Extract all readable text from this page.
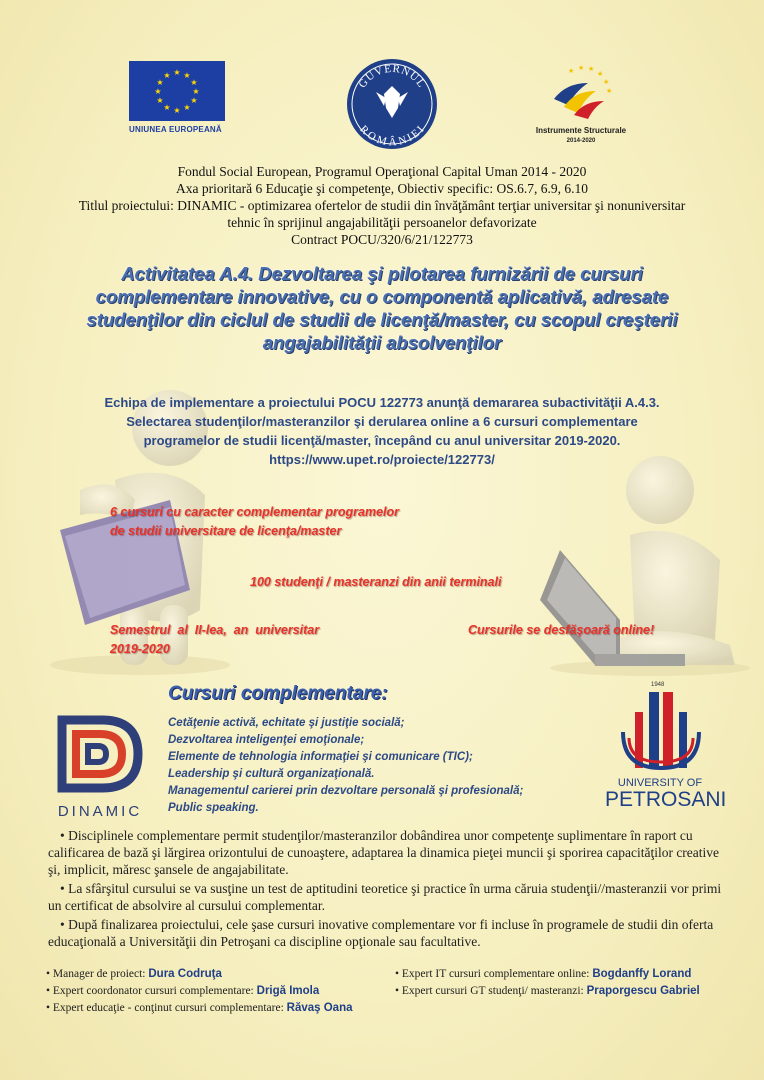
★ ★
★
★
★
★
★
★
★
★
★
★
UNIUNEA EUROPEANĂ
GUVERNUL
ROMÂNIEI
★ ★ ★
★
★
★
Instrumente Structurale
2014-2020
Fondul Social European, Programul Operaţional Capital Uman 2014 - 2020
Axa prioritară 6 Educaţie şi competenţe, Obiectiv specific: OS.6.7, 6.9, 6.10
Titlul proiectului: DINAMIC - optimizarea ofertelor de studii din învăţământ terţiar universitar şi nonuniversitar
tehnic în sprijinul angajabilităţii persoanelor defavorizate
Contract POCU/320/6/21/122773
Activitatea A.4. Dezvoltarea şi pilotarea furnizării de cursuri
complementare innovative, cu o componentă aplicativă, adresate
studenţilor din ciclul de studii de licenţă/master, cu scopul creşterii
angajabilităţii absolvenţilor
Echipa de implementare a proiectului POCU 122773 anunţă demararea subactivităţii A.4.3.
Selectarea studenţilor/masteranzilor şi derularea online a 6 cursuri complementare
programelor de studii licenţă/master, începând cu anul universitar 2019-2020.
https://www.upet.ro/proiecte/122773/
6 cursuri cu caracter complementar programelor
de studii universitare de licenţa/master
100 studenţi / masteranzi din anii terminali
Semestrul  al  II-lea,  an  universitar
2019-2020
Cursurile se desfăşoară online!
DINAMIC
Cursuri complementare:
Cetăţenie activă, echitate şi justiţie socială;
Dezvoltarea inteligenţei emoţionale;
Elemente de tehnologia informaţiei şi comunicare (TIC);
Leadership şi cultură organizaţională.
Managementul carierei prin dezvoltare personală şi profesională;
Public speaking.
1948
UNIVERSITY OF
PETROSANI

• Disciplinele complementare permit studenţilor/masteranzilor dobândirea unor competenţe suplimentare în raport cu calificarea de bază şi lărgirea orizontului de cunoaştere, adaptarea la dinamica pieţei muncii şi sporirea capacităţilor creative şi, implicit, măresc şansele de angajabilitate.

• La sfârşitul cursului se va susţine un test de aptitudini teoretice şi practice în urma căruia studenţii//masteranzii vor primi un certificat de absolvire al cursului complementar.

• După finalizarea proiectului, cele şase cursuri inovative complementare vor fi incluse în programele de studii din oferta educaţională a Universităţii din Petroşani ca discipline opţionale sau facultative.

• Manager de proiect: Dura Codruţa
• Expert coordonator cursuri complementare: Drigă Imola
• Expert educaţie - conţinut cursuri complementare: Răvaş Oana
• Expert IT cursuri complementare online: Bogdanffy Lorand
• Expert cursuri GT studenţi/ masteranzi: Praporgescu Gabriel
